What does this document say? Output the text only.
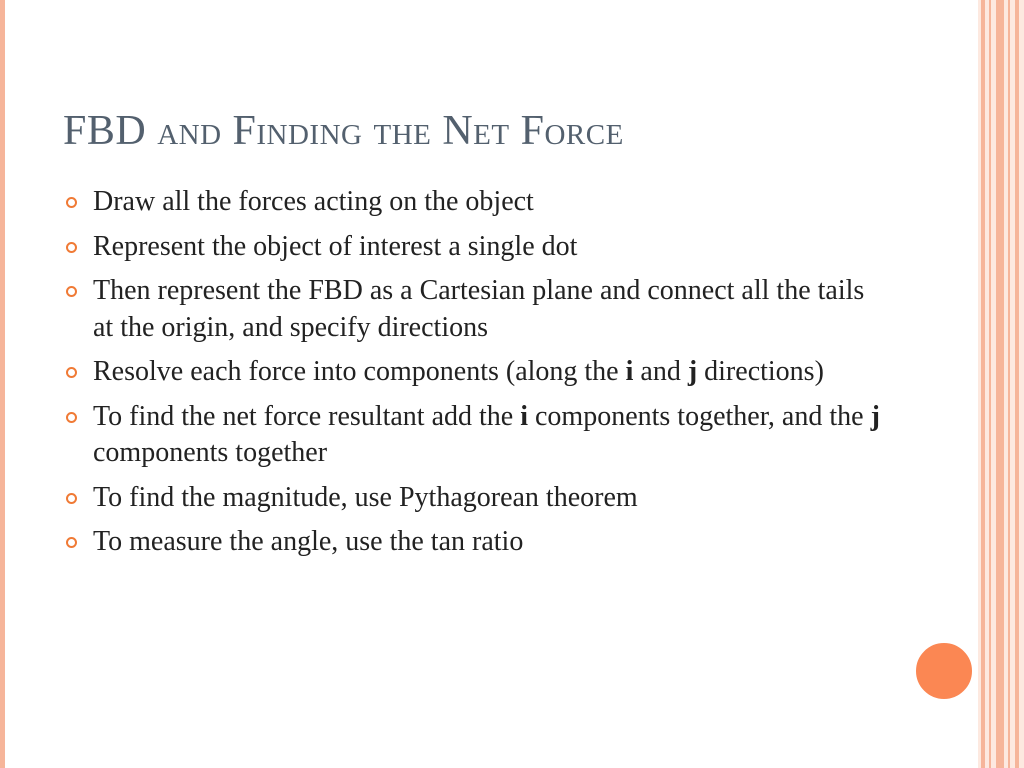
FBD and Finding the Net Force
Draw all the forces acting on the object
Represent the object of interest a single dot
Then represent the FBD as a Cartesian plane and connect all the tails at the origin, and specify directions
Resolve each force into components (along the i and j directions)
To find the net force resultant add the i components together, and the j components together
To find the magnitude, use Pythagorean theorem
To measure the angle, use the tan ratio
